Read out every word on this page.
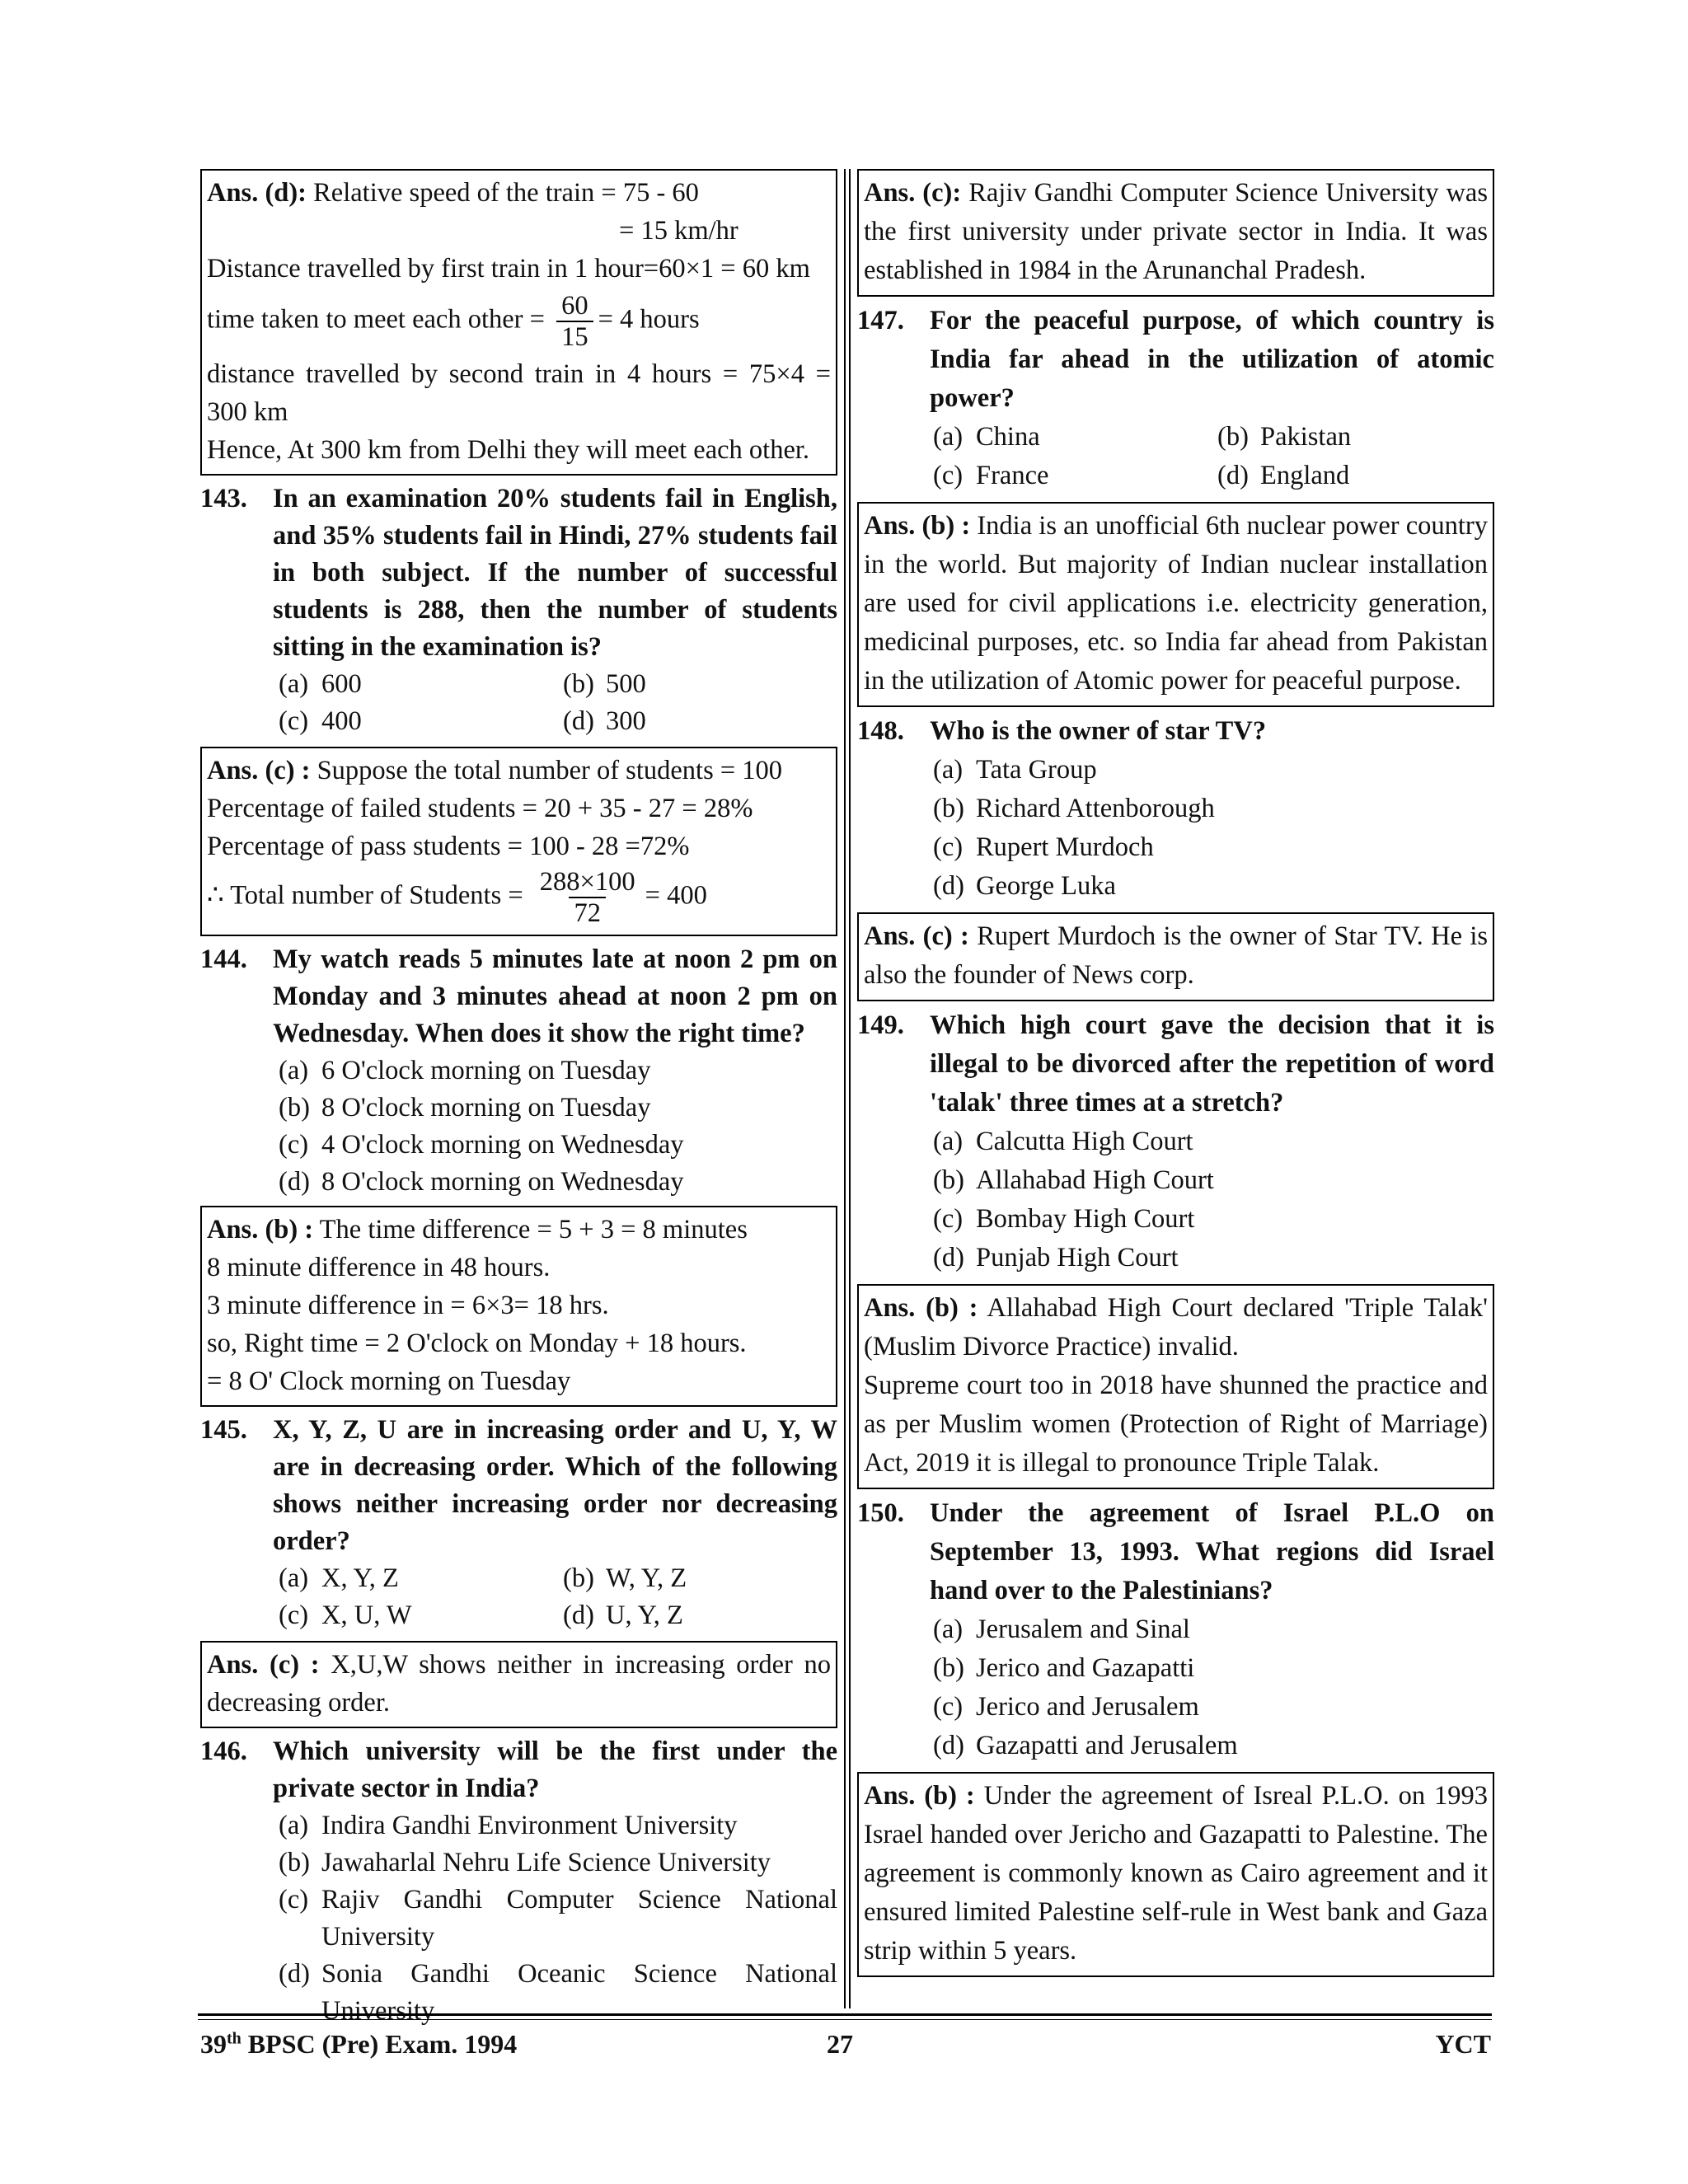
Ans. (d): Relative speed of the train = 75 - 60
= 15 km/hr
Distance travelled by first train in 1 hour=60×1 = 60 km
time taken to meet each other = $\frac{60}{15} = 4$ hours
distance travelled by second train in 4 hours = 75×4 = 300 km
Hence, At 300 km from Delhi they will meet each other.
143. In an examination 20% students fail in English, and 35% students fail in Hindi, 27% students fail in both subject. If the number of successful students is 288, then the number of students sitting in the examination is?
(a) 600	(b) 500
(c) 400	(d) 300
Ans. (c) : Suppose the total number of students = 100
Percentage of failed students = 20 + 35 - 27 = 28%
Percentage of pass students = 100 - 28 =72%
∴ Total number of Students = $\frac{288\times 100}{72} = 400$
144. My watch reads 5 minutes late at noon 2 pm on Monday and 3 minutes ahead at noon 2 pm on Wednesday. When does it show the right time?
(a) 6 O'clock morning on Tuesday
(b) 8 O'clock morning on Tuesday
(c) 4 O'clock morning on Wednesday
(d) 8 O'clock morning on Wednesday
Ans. (b) : The time difference = 5 + 3 = 8 minutes
8 minute difference in 48 hours.
3 minute difference in = 6×3= 18 hrs.
so, Right time = 2 O'clock on Monday + 18 hours.
= 8 O' Clock morning on Tuesday
145. X, Y, Z, U are in increasing order and U, Y, W are in decreasing order. Which of the following shows neither increasing order nor decreasing order?
(a) X, Y, Z	(b) W, Y, Z
(c) X, U, W	(d) U, Y, Z
Ans. (c) : X,U,W shows neither in increasing order no decreasing order.
146. Which university will be the first under the private sector in India?
(a) Indira Gandhi Environment University
(b) Jawaharlal Nehru Life Science University
(c) Rajiv Gandhi Computer Science National University
(d) Sonia Gandhi Oceanic Science National University
Ans. (c): Rajiv Gandhi Computer Science University was the first university under private sector in India. It was established in 1984 in the Arunanchal Pradesh.
147. For the peaceful purpose, of which country is India far ahead in the utilization of atomic power?
(a) China	(b) Pakistan
(c) France	(d) England
Ans. (b) : India is an unofficial 6th nuclear power country in the world. But majority of Indian nuclear installation are used for civil applications i.e. electricity generation, medicinal purposes, etc. so India far ahead from Pakistan in the utilization of Atomic power for peaceful purpose.
148. Who is the owner of star TV?
(a) Tata Group
(b) Richard Attenborough
(c) Rupert Murdoch
(d) George Luka
Ans. (c) : Rupert Murdoch is the owner of Star TV. He is also the founder of News corp.
149. Which high court gave the decision that it is illegal to be divorced after the repetition of word 'talak' three times at a stretch?
(a) Calcutta High Court
(b) Allahabad High Court
(c) Bombay High Court
(d) Punjab High Court
Ans. (b) : Allahabad High Court declared 'Triple Talak' (Muslim Divorce Practice) invalid.
Supreme court too in 2018 have shunned the practice and as per Muslim women (Protection of Right of Marriage) Act, 2019 it is illegal to pronounce Triple Talak.
150. Under the agreement of Israel P.L.O on September 13, 1993. What regions did Israel hand over to the Palestinians?
(a) Jerusalem and Sinal
(b) Jerico and Gazapatti
(c) Jerico and Jerusalem
(d) Gazapatti and Jerusalem
Ans. (b) : Under the agreement of Isreal P.L.O. on 1993 Israel handed over Jericho and Gazapatti to Palestine. The agreement is commonly known as Cairo agreement and it ensured limited Palestine self-rule in West bank and Gaza strip within 5 years.
39th BPSC (Pre) Exam. 1994	27	YCT
